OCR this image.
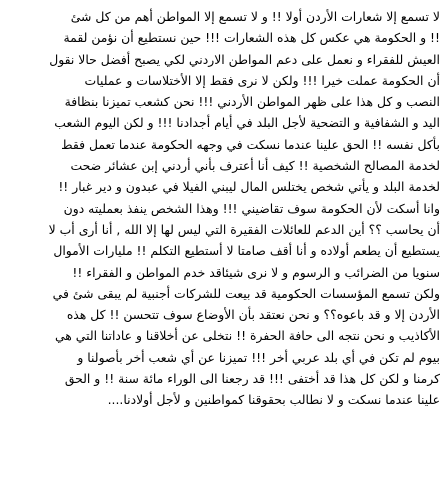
لا تسمع إلا شعارات الأردن أولا !! و لا تسمع إلا المواطن أهم من كل شئ
!! و الحكومة هي عكس كل هذه الشعارات !!! حين نستطيع أن نؤمن لقمة
العيش للفقراء و نعمل على دعم المواطن الاردني لكي يصبح أفضل حالا نقول
أن الحكومة عملت خيرا !!! ولكن لا نرى فقط إلا الأختلاسات و عمليات
النصب و كل هذا على ظهر المواطن الأردني !!! نحن كشعب تميزنا بنظافة
اليد و الشفافية و التضحية لأجل البلد في أيام أجدادنا !!! و لكن اليوم الشعب
بأكل نفسه !! الحق علينا عندما نسكت في وجهه الحكومة عندما تعمل فقط
لخدمة المصالح الشخصية !! كيف أنا أعترف بأني أردني إبن عشائر ضحت
لخدمة البلد و يأتي شخص يختلس المال ليبني الفيلا في عبدون و دير غبار !!
وانا أسكت لأن الحكومة سوف تقاضيني !!! وهذا الشخص ينفذ بعمليته دون
أن يحاسب ؟؟ أين الدعم للعائلات الفقيرة التي ليس لها إلا الله , أنا أرى أب لا
يستطيع أن يطعم أولاده و أنا أقف صامتا لا أستطيع التكلم !! مليارات الأموال
سنويا من الضرائب و الرسوم و لا نرى شيئاقد خدم المواطن و الفقراء !!
ولكن تسمع المؤسسات الحكومية قد بيعت للشركات أجنبية لم يبقى شئ في
الأردن إلا و قد باعوه؟؟ و نحن نعتقد بأن الأوضاع سوف تتحسن !! كل هذه
الأكاذيب و نحن نتجه الى حافة الحفرة !! نتخلى عن أخلاقنا و عاداتنا التي هي
بيوم لم تكن في أي بلد عربي أخر !!! تميزنا عن أي شعب أخر بأصولنا و
كرمنا و لكن كل هذا قد أختفى !!! قد رجعنا الى الوراء مائة سنة !! و الحق
علينا عندما نسكت و لا نطالب بحقوقنا كمواطنين و لأجل أولادنا....
